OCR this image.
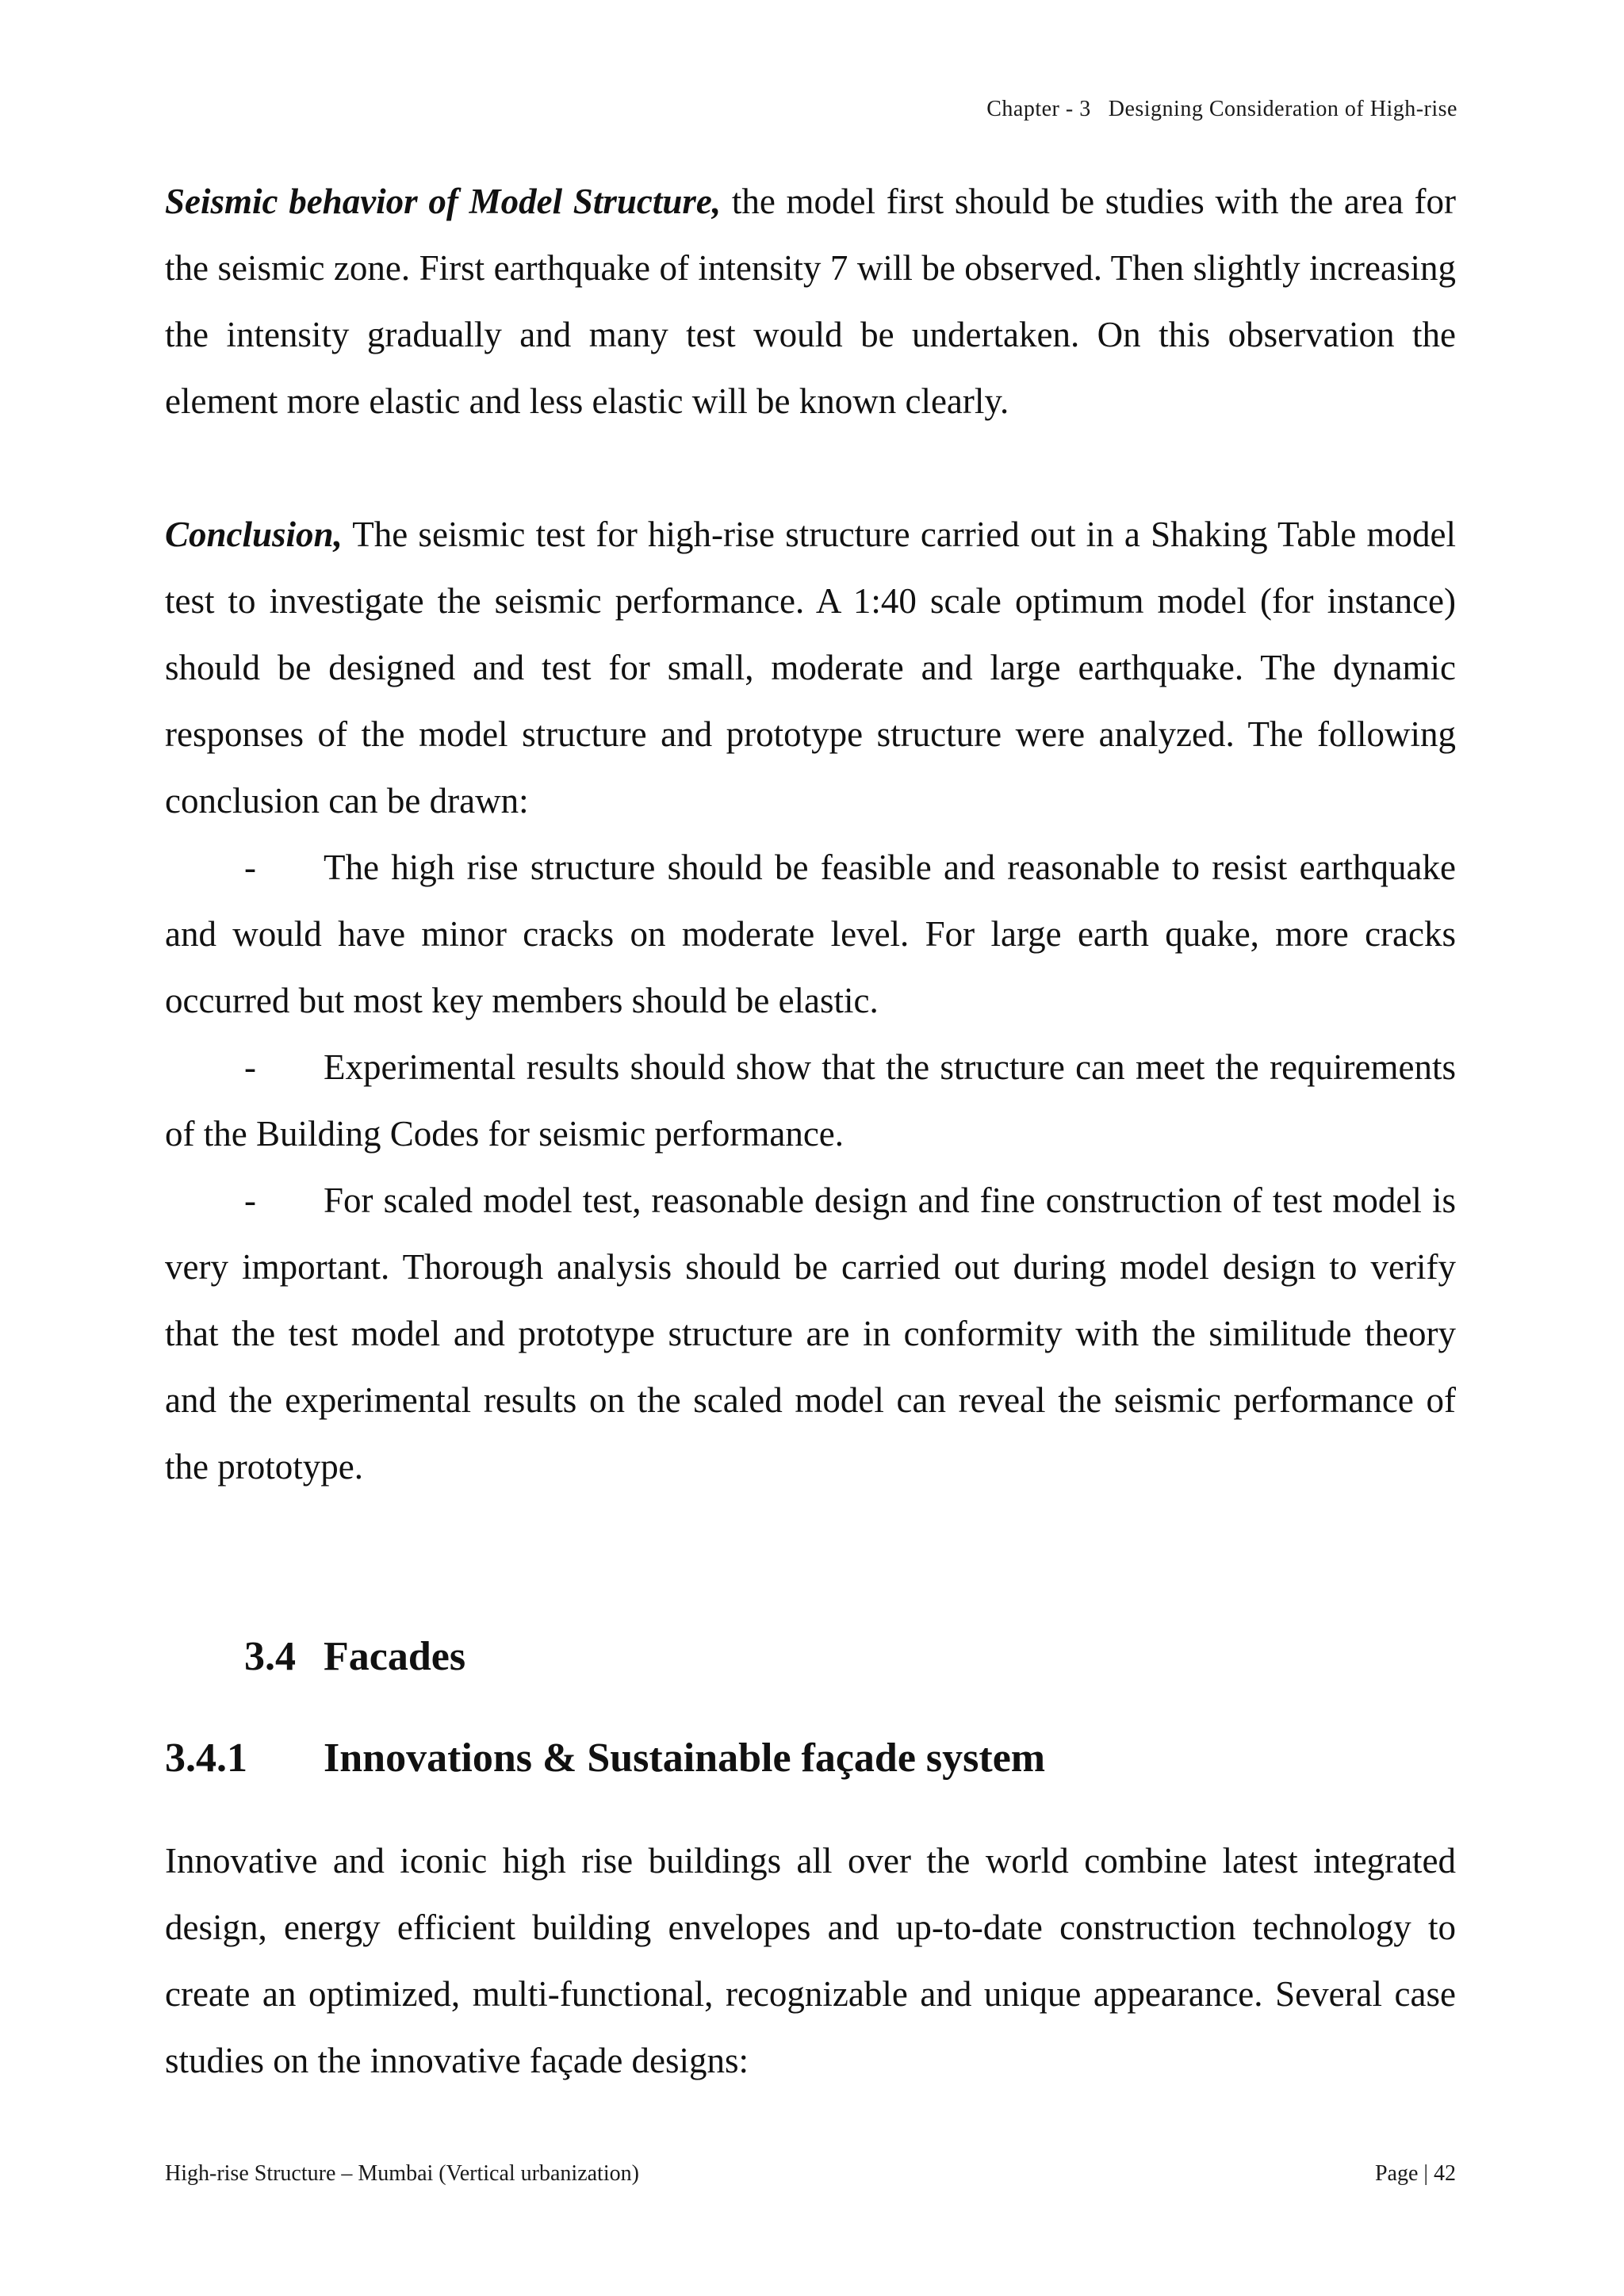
Chapter - 3 Designing Consideration of High-rise

Seismic behavior of Model Structure, the model first should be studies with the area for the seismic zone. First earthquake of intensity 7 will be observed. Then slightly increasing the intensity gradually and many test would be undertaken. On this observation the element more elastic and less elastic will be known clearly.

Conclusion, The seismic test for high-rise structure carried out in a Shaking Table model test to investigate the seismic performance. A 1:40 scale optimum model (for instance) should be designed and test for small, moderate and large earthquake. The dynamic responses of the model structure and prototype structure were analyzed. The following conclusion can be drawn:

- The high rise structure should be feasible and reasonable to resist earthquake and would have minor cracks on moderate level. For large earth quake, more cracks occurred but most key members should be elastic.

- Experimental results should show that the structure can meet the requirements of the Building Codes for seismic performance.

- For scaled model test, reasonable design and fine construction of test model is very important. Thorough analysis should be carried out during model design to verify that the test model and prototype structure are in conformity with the similitude theory and the experimental results on the scaled model can reveal the seismic performance of the prototype.

3.4 Facades
3.4.1 Innovations & Sustainable façade system

Innovative and iconic high rise buildings all over the world combine latest integrated design, energy efficient building envelopes and up-to-date construction technology to create an optimized, multi-functional, recognizable and unique appearance. Several case studies on the innovative façade designs:

High-rise Structure – Mumbai (Vertical urbanization)	Page | 42
